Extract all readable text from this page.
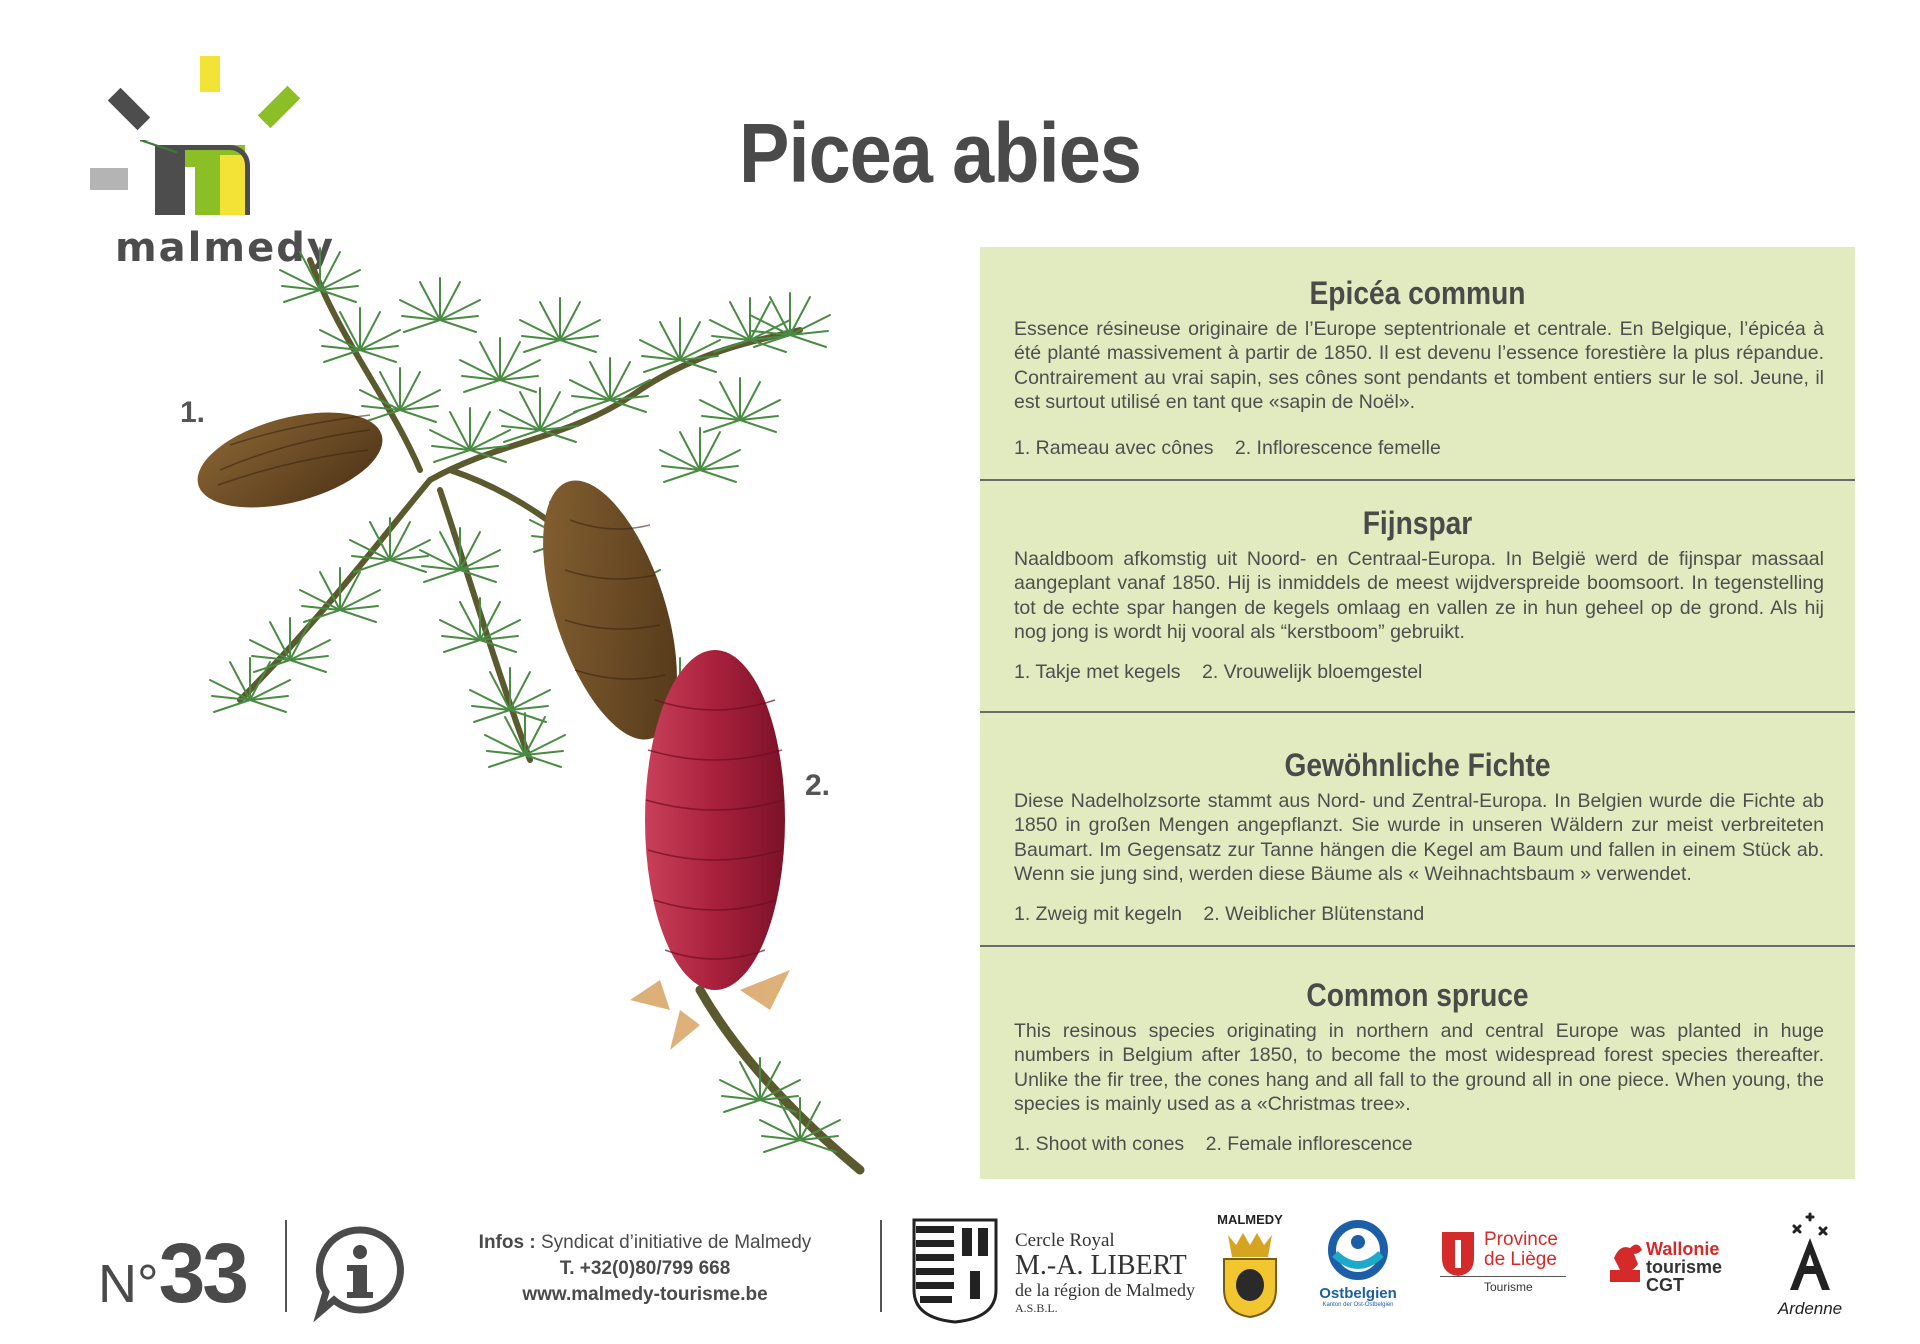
malmedy
Picea abies
1.
2.
Epicéa commun
Essence résineuse originaire de l’Europe septentrionale et centrale. En Belgique, l’épicéa à été planté massivement à partir de 1850. Il est devenu l’essence forestière la plus répandue. Contrairement au vrai sapin, ses cônes sont pendants et tombent entiers sur le sol. Jeune, il est surtout utilisé en tant que «sapin de Noël».
1. Rameau avec cônes 2. Inflorescence femelle
Fijnspar
Naaldboom afkomstig uit Noord- en Centraal-Europa. In België werd de fijnspar massaal aangeplant vanaf 1850. Hij is inmiddels de meest wijdverspreide boomsoort. In tegenstelling tot de echte spar hangen de kegels omlaag en vallen ze in hun geheel op de grond. Als hij nog jong is wordt hij vooral als “kerstboom” gebruikt.
1. Takje met kegels 2. Vrouwelijk bloemgestel
Gewöhnliche Fichte
Diese Nadelholzsorte stammt aus Nord- und Zentral-Europa. In Belgien wurde die Fichte ab 1850 in großen Mengen angepflanzt. Sie wurde in unseren Wäldern zur meist verbreiteten Baumart. Im Gegensatz zur Tanne hängen die Kegel am Baum und fallen in einem Stück ab. Wenn sie jung sind, werden diese Bäume als « Weihnachtsbaum » verwendet.
1. Zweig mit kegeln 2. Weiblicher Blütenstand
Common spruce
This resinous species originating in northern and central Europe was planted in huge numbers in Belgium after 1850, to become the most widespread forest species thereafter. Unlike the fir tree, the cones hang and all fall to the ground all in one piece. When young, the species is mainly used as a «Christmas tree».
1. Shoot with cones 2. Female inflorescence
N°33	Infos : Syndicat d’initiative de Malmedy
T. +32(0)80/799 668
www.malmedy-tourisme.be
Cercle Royal
M.-A. LIBERT
de la région de Malmedy
A.S.B.L.
MALMEDY
Ostbelgien
Kanton der Ost-Ostbelgien
Province
de Liège
Tourisme
Wallonie
tourisme
CGT
Ardenne
